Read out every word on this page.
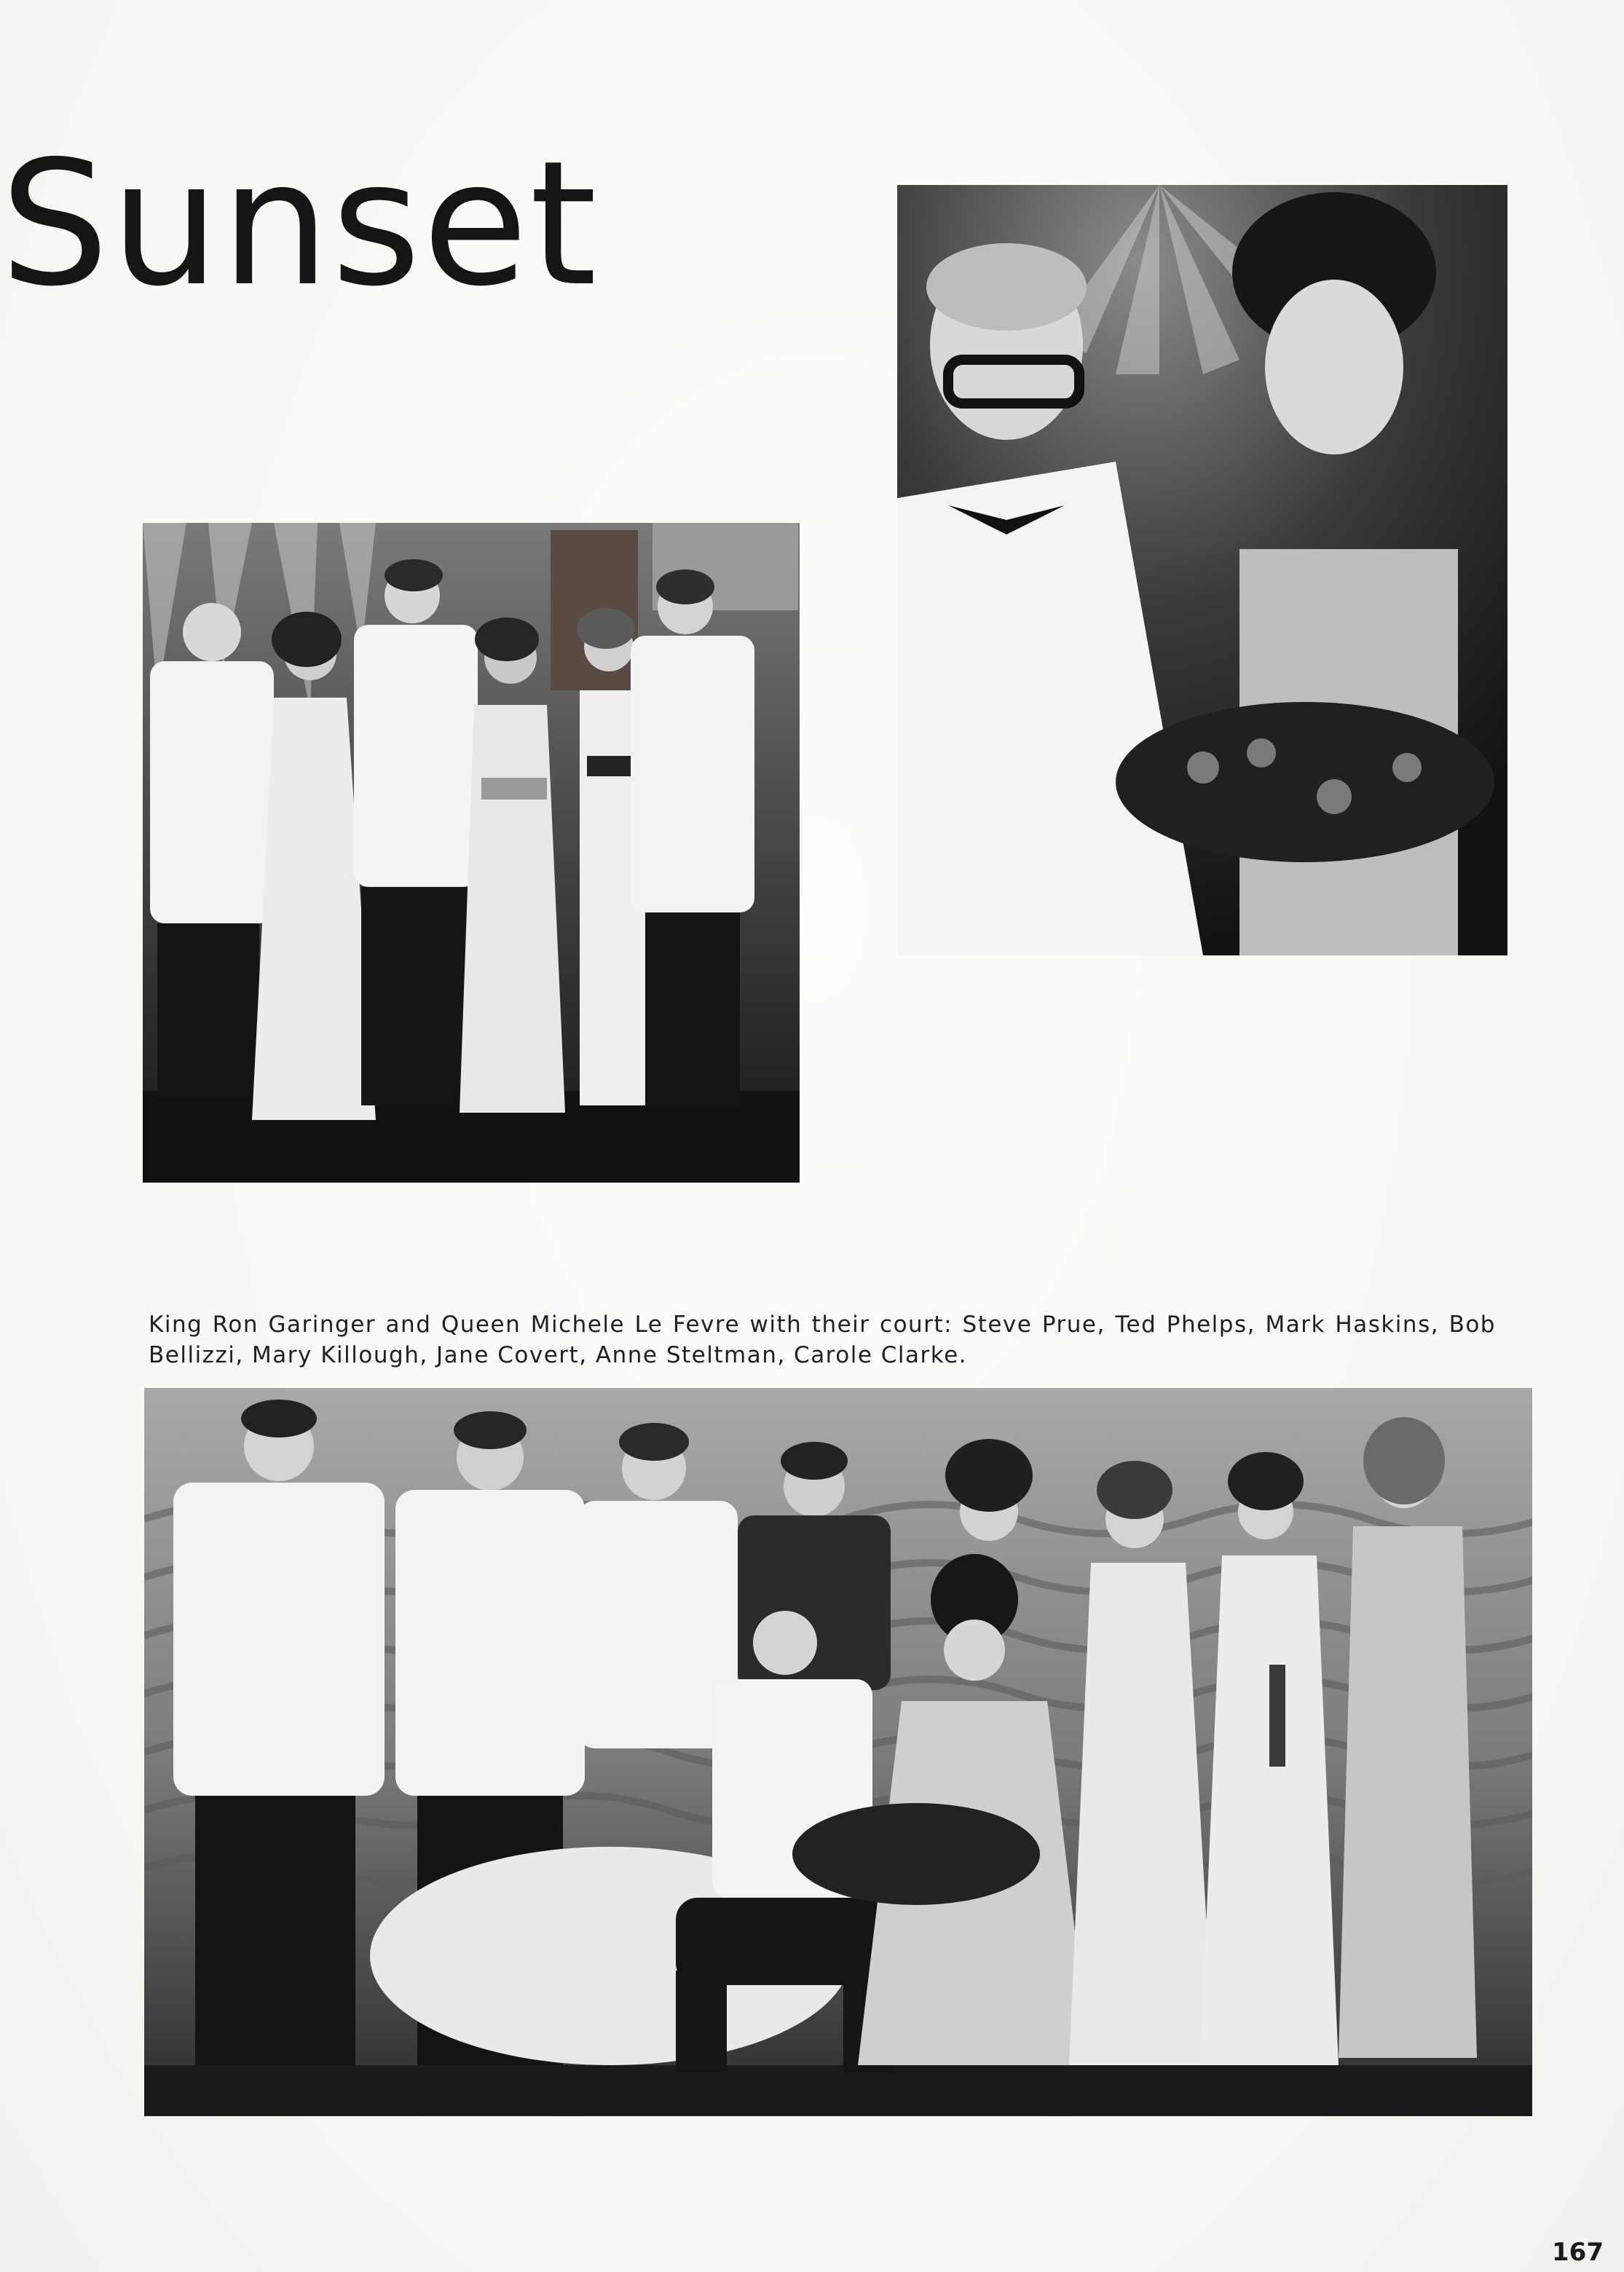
Sunset
King Ron Garinger and Queen Michele Le Fevre with their court: Steve Prue, Ted Phelps, Mark Haskins, Bob Bellizzi, Mary Killough, Jane Covert, Anne Steltman, Carole Clarke.
167
